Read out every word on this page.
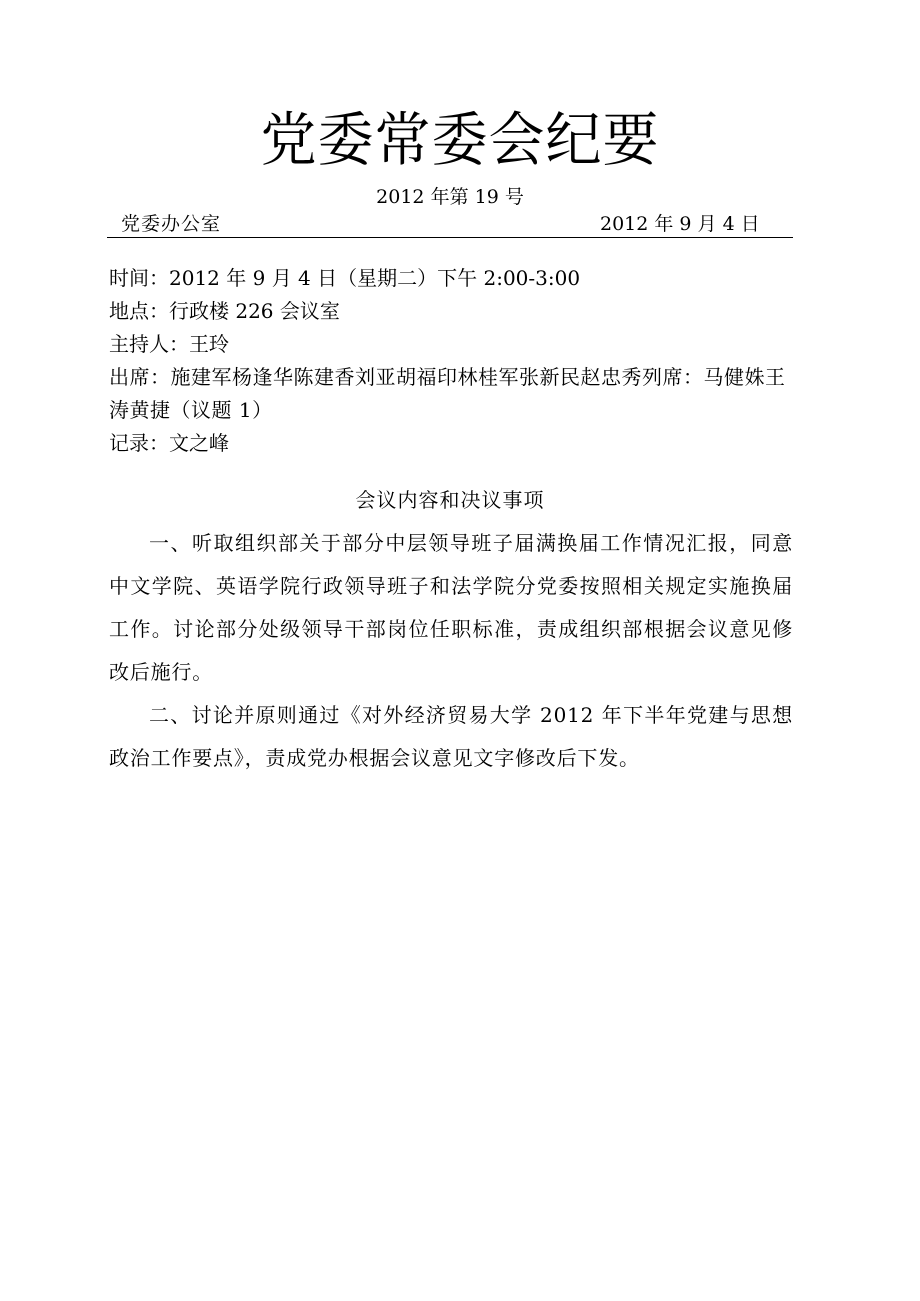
党委常委会纪要
2012 年第 19 号
党委办公室	2012 年 9 月 4 日
时间：2012 年 9 月 4 日（星期二）下午 2:00-3:00
地点：行政楼 226 会议室
主持人：王玲
出席：施建军杨逢华陈建香刘亚胡福印林桂军张新民赵忠秀列席：马健姝王涛黄捷（议题 1）
记录：文之峰
会议内容和决议事项

一、听取组织部关于部分中层领导班子届满换届工作情况汇报，同意中文学院、英语学院行政领导班子和法学院分党委按照相关规定实施换届工作。讨论部分处级领导干部岗位任职标准，责成组织部根据会议意见修改后施行。

二、讨论并原则通过《对外经济贸易大学 2012 年下半年党建与思想政治工作要点》，责成党办根据会议意见文字修改后下发。
